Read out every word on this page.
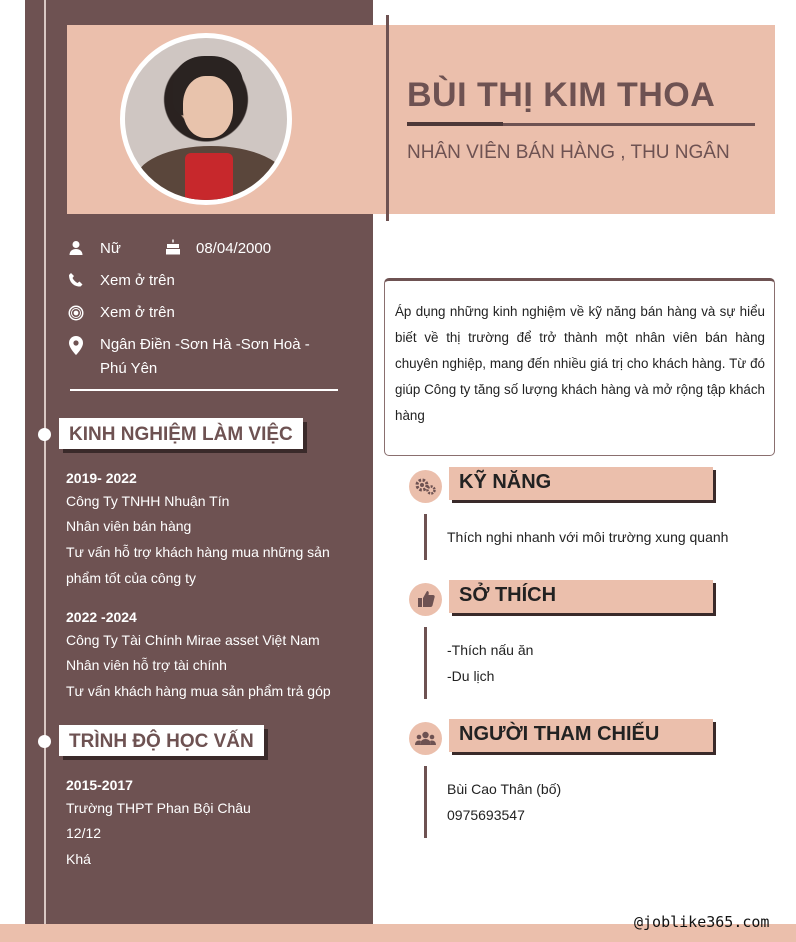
BÙI THỊ KIM THOA
NHÂN VIÊN BÁN HÀNG , THU NGÂN
Nữ	08/04/2000
Xem ở trên
Xem ở trên
Ngân Điền -Sơn Hà -Sơn Hoà -
Phú Yên
KINH NGHIỆM LÀM VIỆC
2019- 2022
Công Ty TNHH Nhuận Tín
Nhân viên bán hàng
Tư vấn hỗ trợ khách hàng mua những sản
phẩm tốt của công ty
2022 -2024
Công Ty Tài Chính Mirae asset Việt Nam
Nhân viên hỗ trợ tài chính
Tư vấn khách hàng mua sản phẩm trả góp
TRÌNH ĐỘ HỌC VẤN
2015-2017
Trường THPT Phan Bội Châu
12/12
Khá
Áp dụng những kinh nghiệm về kỹ năng bán hàng và sự hiểu biết về thị trường để trở thành một nhân viên bán hàng chuyên nghiệp, mang đến nhiều giá trị cho khách hàng. Từ đó giúp Công ty tăng số lượng khách hàng và mở rộng tập khách hàng
KỸ NĂNG
Thích nghi nhanh với môi trường xung quanh
SỞ THÍCH
-Thích nấu ăn
-Du lịch
NGƯỜI THAM CHIẾU
Bùi Cao Thân (bố)
0975693547
@joblike365.com
